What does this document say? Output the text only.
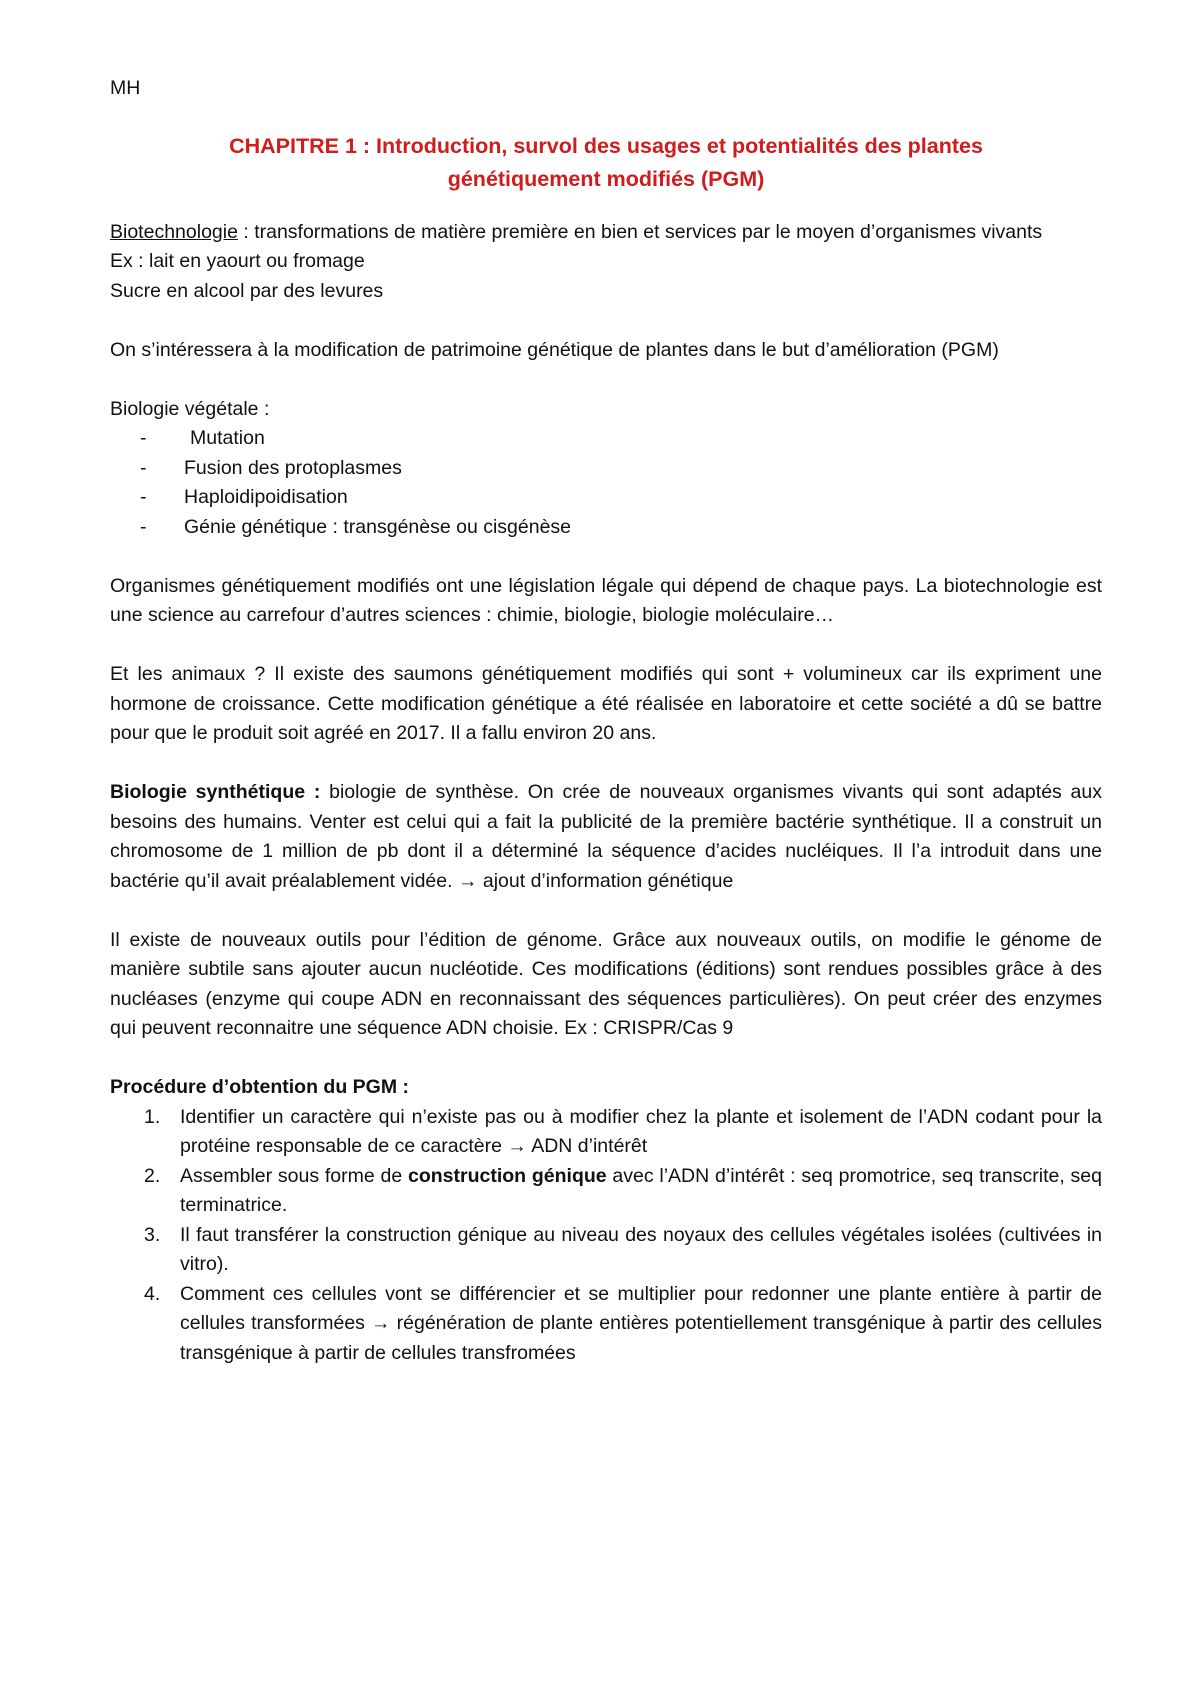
MH
CHAPITRE 1 : Introduction, survol des usages et potentialités des plantes
génétiquement modifiés (PGM)

Biotechnologie : transformations de matière première en bien et services par le moyen d’organismes vivants

Ex : lait en yaourt ou fromage
Sucre en alcool par des levures

On s’intéressera à la modification de patrimoine génétique de plantes dans le but d’amélioration (PGM)

Biologie végétale :
- Mutation
- Fusion des protoplasmes
- Haploidipoidisation
- Génie génétique : transgénèse ou cisgénèse

Organismes génétiquement modifiés ont une législation légale qui dépend de chaque pays. La biotechnologie est une science au carrefour d’autres sciences : chimie, biologie, biologie moléculaire…

Et les animaux ? Il existe des saumons génétiquement modifiés qui sont + volumineux car ils expriment une hormone de croissance. Cette modification génétique a été réalisée en laboratoire et cette société a dû se battre pour que le produit soit agréé en 2017. Il a fallu environ 20 ans.

Biologie synthétique : biologie de synthèse. On crée de nouveaux organismes vivants qui sont adaptés aux besoins des humains. Venter est celui qui a fait la publicité de la première bactérie synthétique. Il a construit un chromosome de 1 million de pb dont il a déterminé la séquence d’acides nucléiques. Il l’a introduit dans une bactérie qu’il avait préalablement vidée. → ajout d’information génétique

Il existe de nouveaux outils pour l’édition de génome. Grâce aux nouveaux outils, on modifie le génome de manière subtile sans ajouter aucun nucléotide. Ces modifications (éditions) sont rendues possibles grâce à des nucléases (enzyme qui coupe ADN en reconnaissant des séquences particulières). On peut créer des enzymes qui peuvent reconnaitre une séquence ADN choisie. Ex : CRISPR/Cas 9

Procédure d’obtention du PGM :
1. Identifier un caractère qui n’existe pas ou à modifier chez la plante et isolement de l’ADN codant pour la protéine responsable de ce caractère → ADN d’intérêt
2. Assembler sous forme de construction génique avec l’ADN d’intérêt : seq promotrice, seq transcrite, seq terminatrice.
3. Il faut transférer la construction génique au niveau des noyaux des cellules végétales isolées (cultivées in vitro).
4. Comment ces cellules vont se différencier et se multiplier pour redonner une plante entière à partir de cellules transformées → régénération de plante entières potentiellement transgénique à partir des cellules transgénique à partir de cellules transfromées
